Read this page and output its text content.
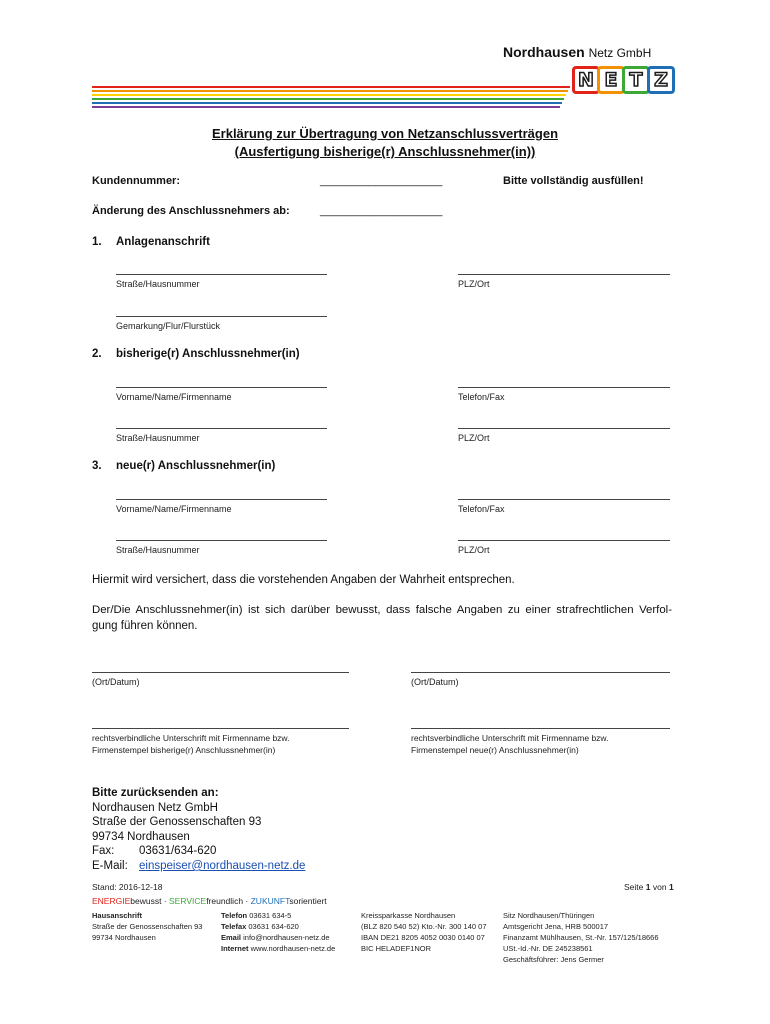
Nordhausen Netz GmbH
N E T Z
Erklärung zur Übertragung von Netzanschlussverträgen
(Ausfertigung bisherige(r) Anschlussnehmer(in))
Kundennummer:	____________________	Bitte vollständig ausfüllen!
Änderung des Anschlussnehmers ab:	____________________
1. Anlagenanschrift
Straße/Hausnummer	PLZ/Ort
Gemarkung/Flur/Flurstück
2. bisherige(r) Anschlussnehmer(in)
Vorname/Name/Firmenname	Telefon/Fax
Straße/Hausnummer	PLZ/Ort
3. neue(r) Anschlussnehmer(in)
Vorname/Name/Firmenname	Telefon/Fax
Straße/Hausnummer	PLZ/Ort
Hiermit wird versichert, dass die vorstehenden Angaben der Wahrheit entsprechen.
Der/Die Anschlussnehmer(in) ist sich darüber bewusst, dass falsche Angaben zu einer strafrechtlichen Verfol-
gung führen können.
(Ort/Datum)	(Ort/Datum)
rechtsverbindliche Unterschrift mit Firmenname bzw.
Firmenstempel bisherige(r) Anschlussnehmer(in)
rechtsverbindliche Unterschrift mit Firmenname bzw.
Firmenstempel neue(r) Anschlussnehmer(in)
Bitte zurücksenden an:
Nordhausen Netz GmbH
Straße der Genossenschaften 93
99734 Nordhausen
Fax: 03631/634-620
E-Mail: einspeiser@nordhausen-netz.de
Stand: 2016-12-18	Seite 1 von 1
ENERGIEbewusst · SERVICEfreundlich · ZUKUNFTsorientiert
Hausanschrift
Straße der Genossenschaften 93
99734 Nordhausen
Telefon 03631 634-5
Telefax 03631 634-620
Email info@nordhausen-netz.de
Internet www.nordhausen-netz.de
Kreissparkasse Nordhausen
(BLZ 820 540 52) Kto.-Nr. 300 140 07
IBAN DE21 8205 4052 0030 0140 07
BIC HELADEF1NOR
Sitz Nordhausen/Thüringen
Amtsgericht Jena, HRB 500017
Finanzamt Mühlhausen, St.-Nr. 157/125/18666
USt.-Id.-Nr. DE 245238561
Geschäftsführer: Jens Germer
